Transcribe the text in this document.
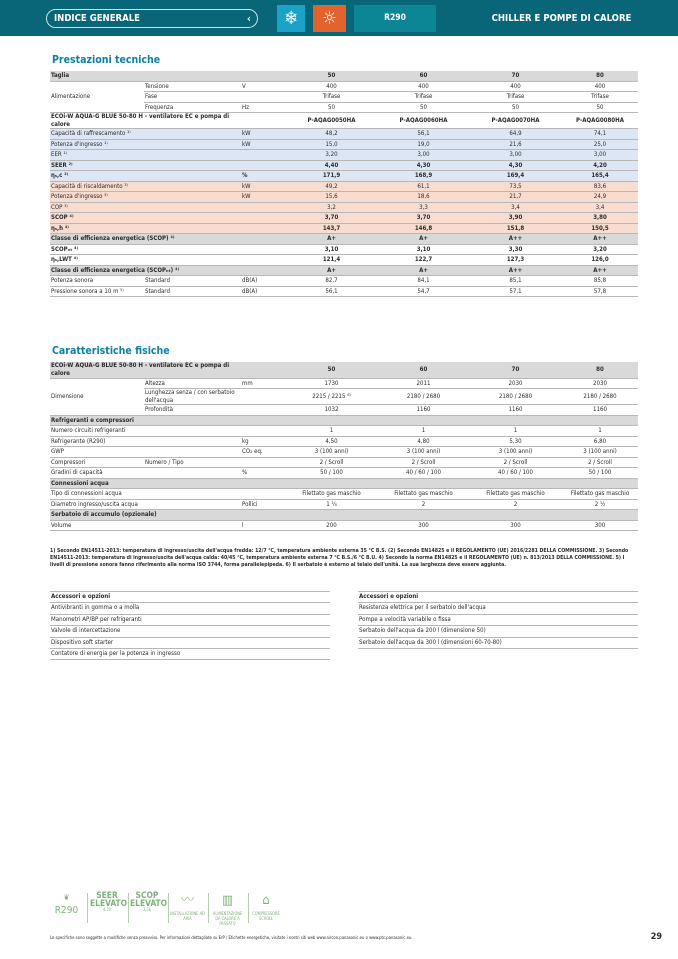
INDICE GENERALE	‹	❄	☼	R290	CHILLER E POMPE DI CALORE
Prestazioni tecniche
Taglia			50	60	70	80
Alimentazione	Tensione	V	400	400	400	400
	Fase		Trifase	Trifase	Trifase	Trifase
	Frequenza	Hz	50	50	50	50
ECOi-W AQUA-G BLUE 50-80 H - ventilatore EC e pompa di calore			P-AQAG0050HA	P-AQAG0060HA	P-AQAG0070HA	P-AQAG0080HA
Capacità di raffrescamento ¹⁾		kW	48,2	56,1	64,9	74,1
Potenza d'ingresso ¹⁾		kW	15,0	19,0	21,6	25,0
EER ¹⁾			3,20	3,00	3,00	3,00
SEER ²⁾			4,40	4,30	4,30	4,20
ηₛ,c ²⁾		%	171,9	168,9	169,4	165,4
Capacità di riscaldamento ³⁾		kW	49,2	61,1	73,5	83,6
Potenza d'ingresso ³⁾		kW	15,6	18,6	21,7	24,9
COP ³⁾			3,2	3,3	3,4	3,4
SCOP ⁴⁾			3,70	3,70	3,90	3,80
ηₛ,h ⁴⁾			143,7	146,8	151,8	150,5
Classe di efficienza energetica (SCOP) ⁴⁾			A+	A+	A++	A++
SCOPₙₜ ⁴⁾			3,10	3,10	3,30	3,20
ηₛ,LWT ⁴⁾			121,4	122,7	127,3	126,0
Classe di efficienza energetica (SCOPₙₜ) ⁴⁾			A+	A+	A++	A++
Potenza sonora	Standard	dB(A)	82,7	84,1	85,1	85,8
Pressione sonora a 10 m ⁵⁾	Standard	dB(A)	56,1	54,7	57,1	57,8
Caratteristiche fisiche
ECOi-W AQUA-G BLUE 50-80 H - ventilatore EC e pompa di calore			50	60	70	80
Dimensione	Altezza	mm	1730	2011	2030	2030
	Lunghezza senza / con serbatoio dell'acqua		2215 / 2215 ⁶⁾	2180 / 2680	2180 / 2680	2180 / 2680
	Profondità		1032	1160	1160	1160
Refrigeranti e compressori						
Numero circuiti refrigeranti			1	1	1	1
Refrigerante (R290)		kg	4,50	4,80	5,30	6,80
GWP		CO₂ eq.	3 (100 anni)	3 (100 anni)	3 (100 anni)	3 (100 anni)
Compressori	Numero / Tipo		2 / Scroll	2 / Scroll	2 / Scroll	2 / Scroll
Gradini di capacità		%	50 / 100	40 / 60 / 100	40 / 60 / 100	50 / 100
Connessioni acqua						
Tipo di connessioni acqua			Filettato gas maschio	Filettato gas maschio	Filettato gas maschio	Filettato gas maschio
Diametro ingresso/uscita acqua		Pollici	1 ¼	2	2	2 ½
Serbatoio di accumulo (opzionale)						
Volume		l	200	300	300	300
1) Secondo EN14511-2013: temperatura di ingresso/uscita dell'acqua fredda: 12/7 °C, temperatura ambiente esterna 35 °C B.S. (2) Secondo EN14825 e il REGOLAMENTO (UE) 2016/2281 DELLA COMMISSIONE. 3) Secondo EN14511-2013: temperatura di ingresso/uscita dell'acqua calda: 40/45 °C, temperatura ambiente esterna 7 °C B.S./6 °C B.U. 4) Secondo la norma EN14825 e il REGOLAMENTO (UE) n. 813/2013 DELLA COMMISSIONE. 5) I livelli di pressione sonora fanno riferimento alla norma ISO 3744, forma parallelepipeda. 6) Il serbatoio è esterno al telaio dell'unità. La sua larghezza deve essere aggiunta.
Accessori e opzioni
Antivibranti in gomma o a molla
Manometri AP/BP per refrigeranti
Valvole di intercettazione
Dispositivo soft starter
Contatore di energia per la potenza in ingresso
Accessori e opzioni
Resistenza elettrica per il serbatoio dell'acqua
Pompe a velocità variabile o fissa
Serbatoio dell'acqua da 200 l (dimensione 50)
Serbatoio dell'acqua da 300 l (dimensioni 60-70-80)
❦
R290
SEER
ELEVATO
4,20
SCOP
ELEVATO
3,56
〰
INSTALLAZIONE AD ARIA
▥
ALIMENTAZIONE DA CALORE A PASSATO
⌂
COMPRESSORE SCROLL
Le specifiche sono soggette a modifiche senza preavviso. Per informazioni dettagliate su ErP / Etichette energetiche, visitate i nostri siti web www.aircon.panasonic.eu o www.ptc.panasonic.eu.	29
